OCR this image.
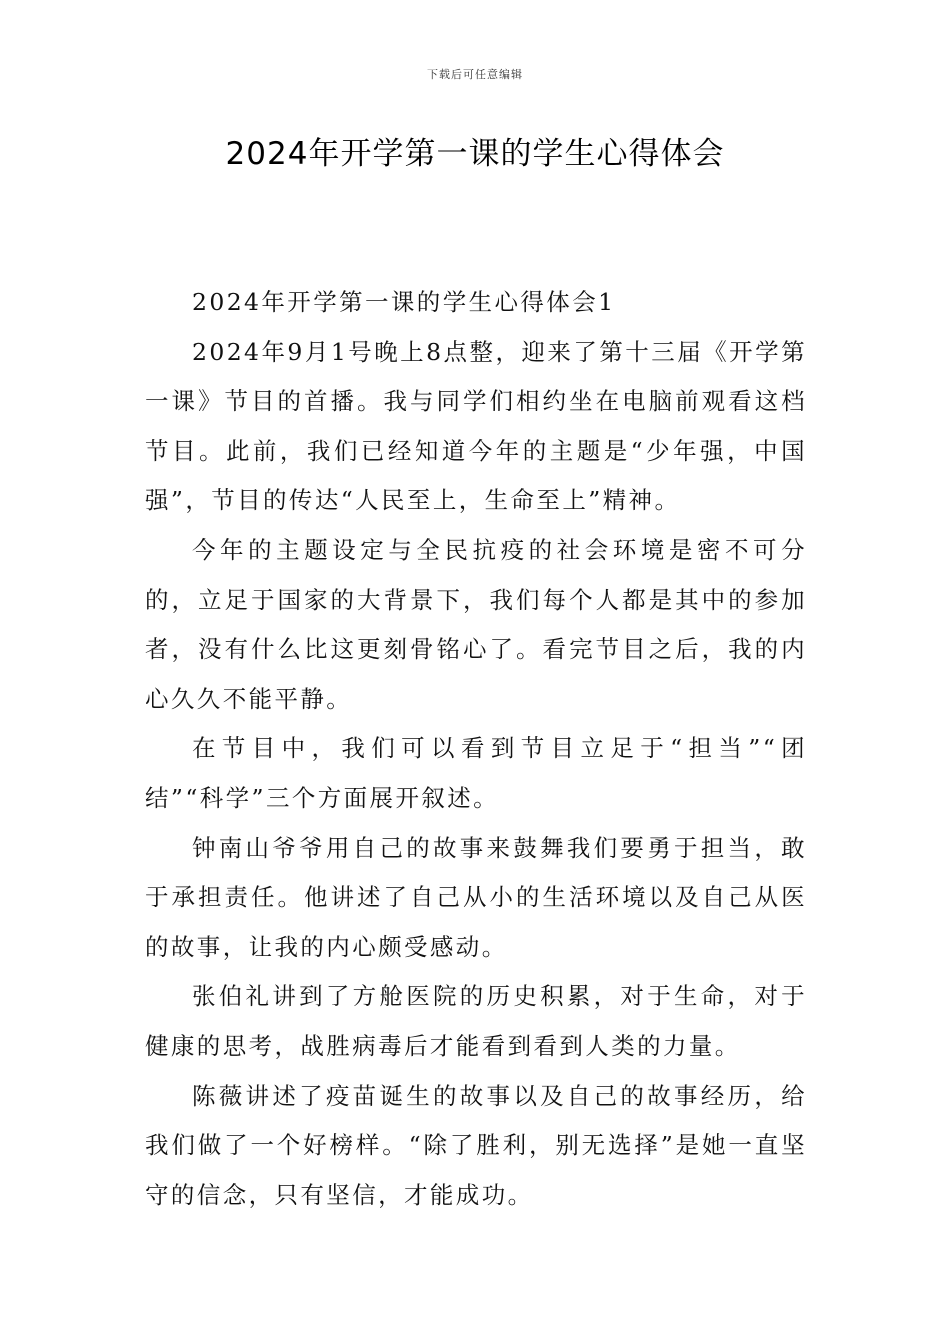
下载后可任意编辑
2024年开学第一课的学生心得体会

2024年开学第一课的学生心得体会1

2024年9月1号晚上8点整，迎来了第十三届《开学第一课》节目的首播。我与同学们相约坐在电脑前观看这档节目。此前，我们已经知道今年的主题是“少年强，中国强”，节目的传达“人民至上，生命至上”精神。

今年的主题设定与全民抗疫的社会环境是密不可分的，立足于国家的大背景下，我们每个人都是其中的参加者，没有什么比这更刻骨铭心了。看完节目之后，我的内心久久不能平静。

在节目中，我们可以看到节目立足于“担当”“团结”“科学”三个方面展开叙述。

钟南山爷爷用自己的故事来鼓舞我们要勇于担当，敢于承担责任。他讲述了自己从小的生活环境以及自己从医的故事，让我的内心颇受感动。

张伯礼讲到了方舱医院的历史积累，对于生命，对于健康的思考，战胜病毒后才能看到看到人类的力量。

陈薇讲述了疫苗诞生的故事以及自己的故事经历，给我们做了一个好榜样。“除了胜利，别无选择”是她一直坚守的信念，只有坚信，才能成功。
